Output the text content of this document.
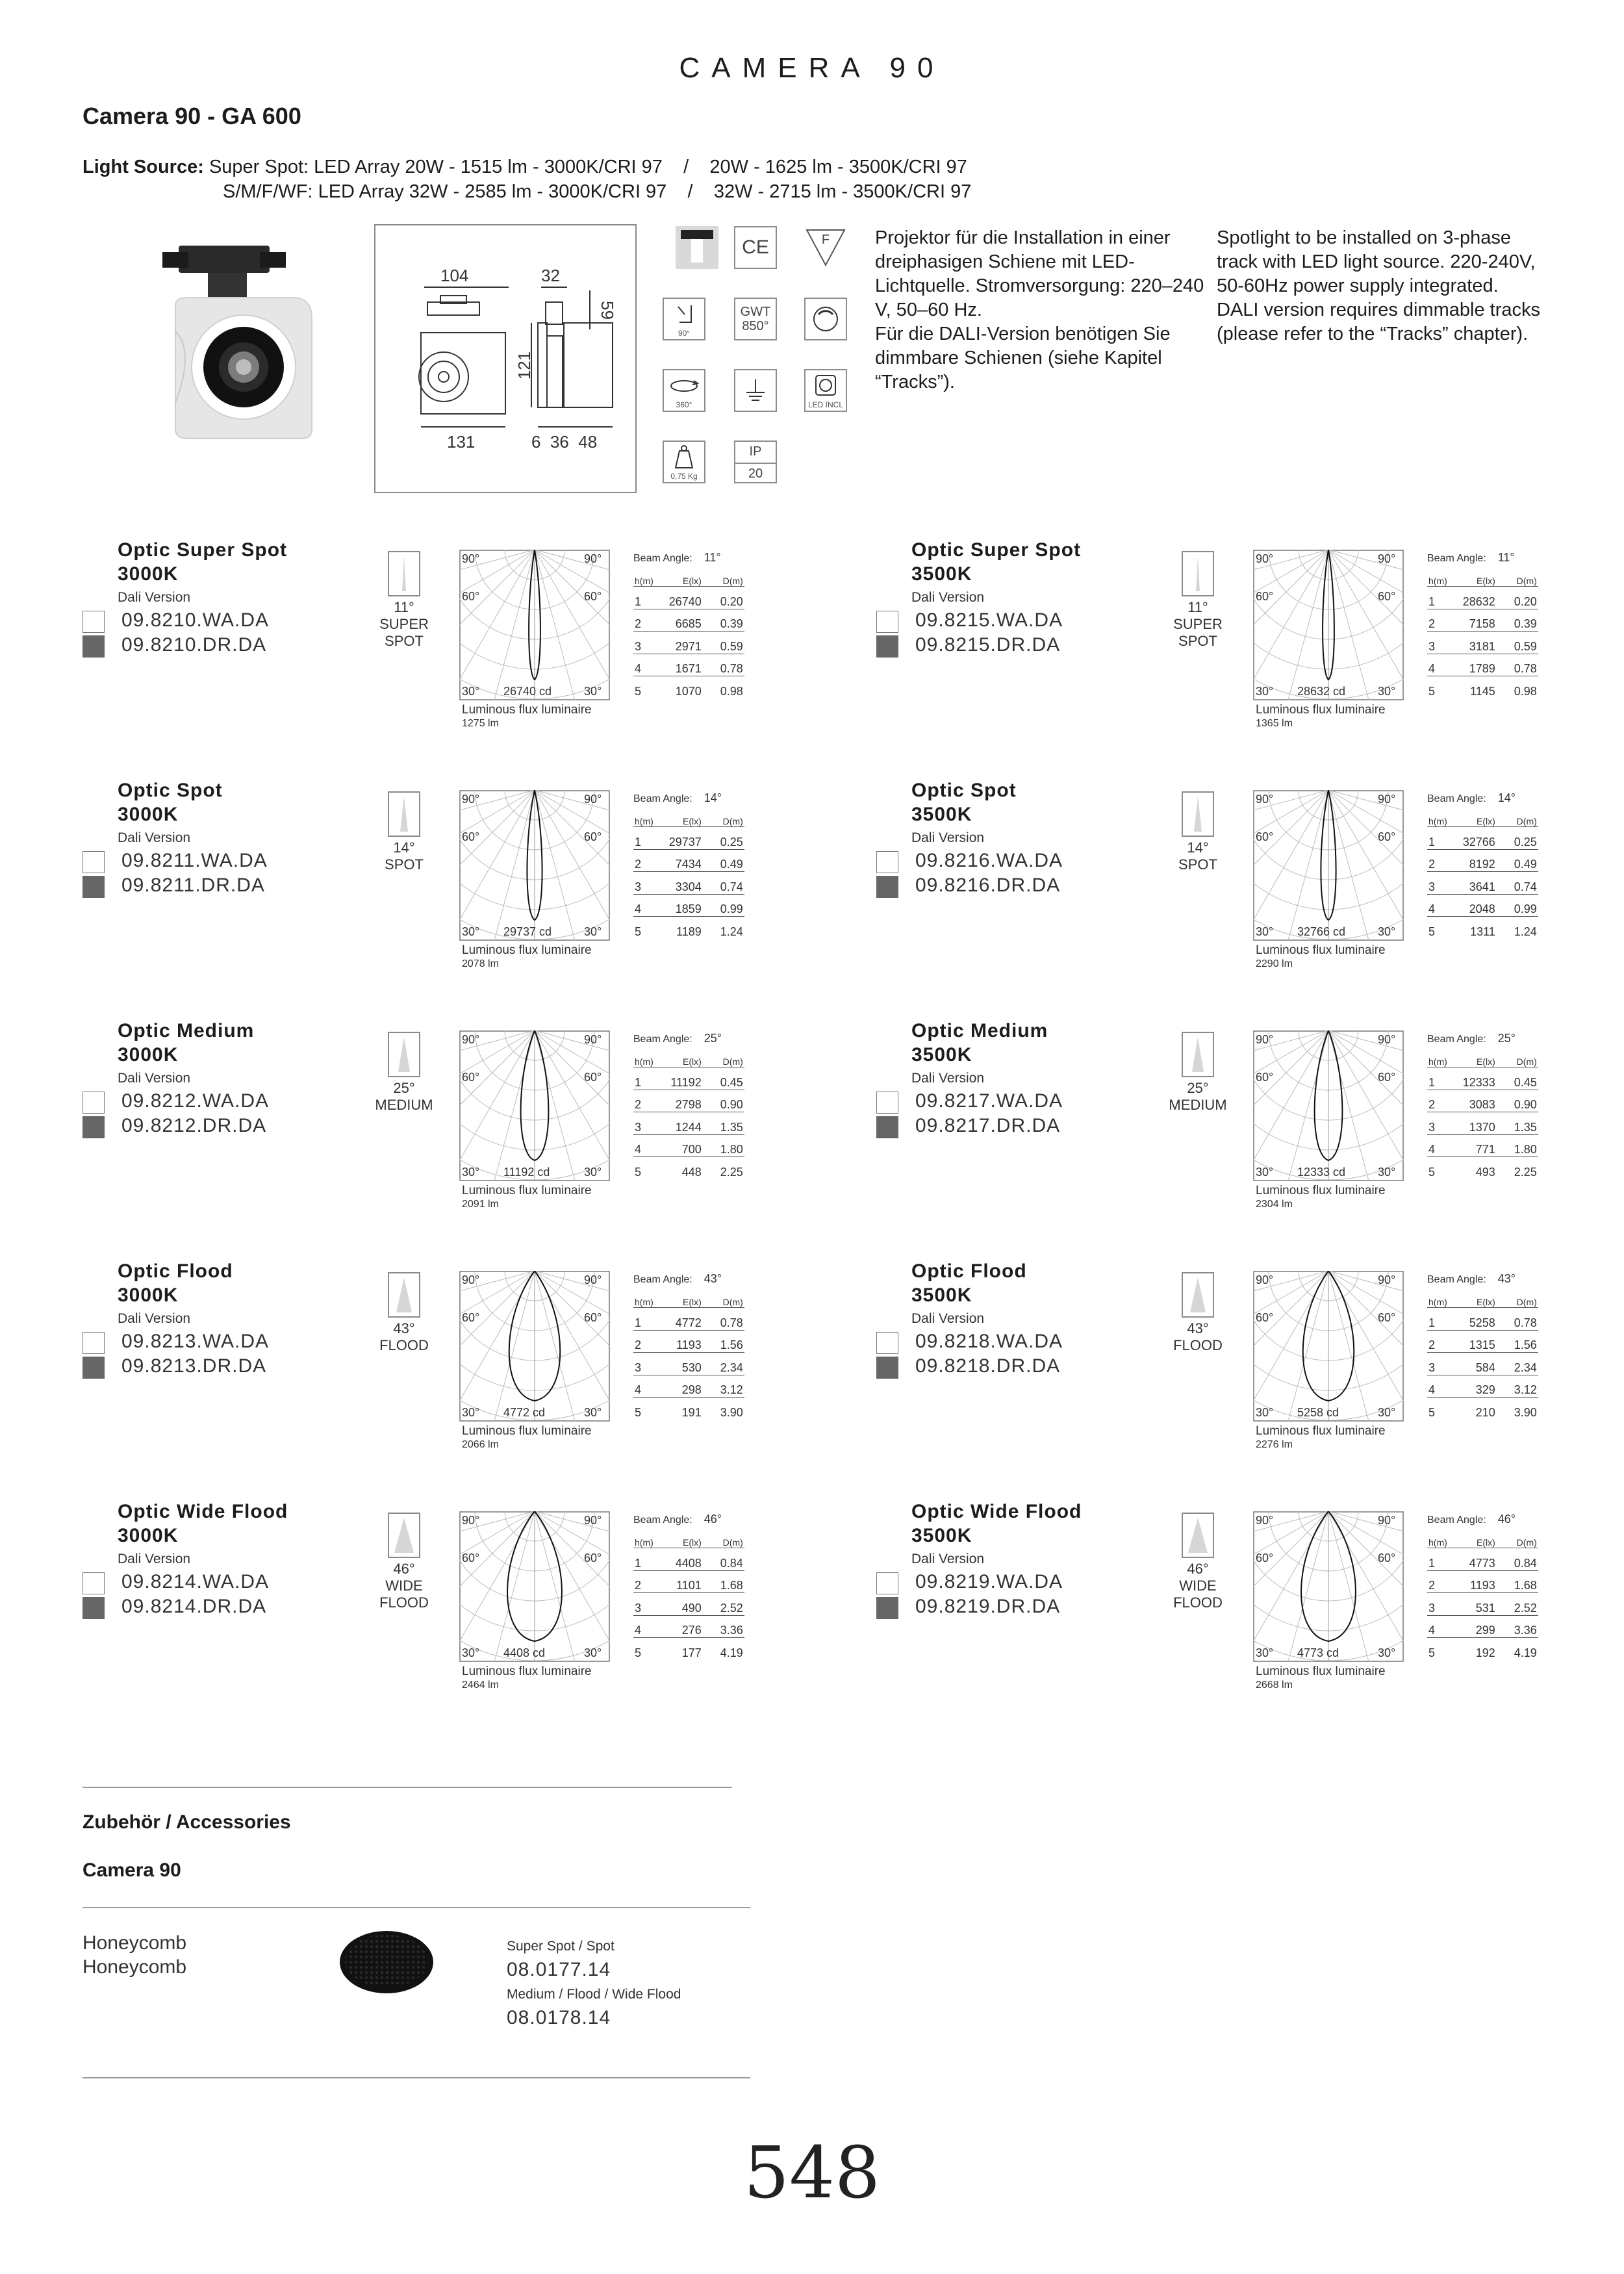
CAMERA 90
Camera 90 - GA 600
Light Source: Super Spot: LED Array 20W - 1515 lm - 3000K/CRI 97    /    20W - 1625 lm - 3500K/CRI 97
S/M/F/WF: LED Array 32W - 2585 lm - 3000K/CRI 97    /    32W - 2715 lm - 3500K/CRI 97
104	32
59
121
131	6  36  48
CE	F
90°
GWT
850°
360°	LED INCL
0,75 Kg
IP
20
Projektor für die Installation in einer dreiphasigen Schiene mit LED-Lichtquelle. Stromversorgung: 220–240 V, 50–60 Hz.
Für die DALI-Version benötigen Sie dimmbare Schienen (siehe Kapitel “Tracks”).
Spotlight to be installed on 3-phase track with LED light source. 220-240V, 50-60Hz power supply integrated.
DALI version requires dimmable tracks (please refer to the “Tracks” chapter).
Optic Super Spot
3000K
Dali Version
09.8210.WA.DA
09.8210.DR.DA
11°
SUPER
SPOT
90°	90°
60°	60°
30°	30°
26740 cd
Luminous flux luminaire
1275 lm
Beam Angle: 11°
h(m)	E(lx)	D(m)
1	26740	0.20
2	6685	0.39
3	2971	0.59
4	1671	0.78
5	1070	0.98
Optic Super Spot
3500K
Dali Version
09.8215.WA.DA
09.8215.DR.DA
11°
SUPER
SPOT
90°	90°
60°	60°
30°	30°
28632 cd
Luminous flux luminaire
1365 lm
Beam Angle: 11°
h(m)	E(lx)	D(m)
1	28632	0.20
2	7158	0.39
3	3181	0.59
4	1789	0.78
5	1145	0.98
Optic Spot
3000K
Dali Version
09.8211.WA.DA
09.8211.DR.DA
14°
SPOT
90°	90°
60°	60°
30°	30°
29737 cd
Luminous flux luminaire
2078 lm
Beam Angle: 14°
h(m)	E(lx)	D(m)
1	29737	0.25
2	7434	0.49
3	3304	0.74
4	1859	0.99
5	1189	1.24
Optic Spot
3500K
Dali Version
09.8216.WA.DA
09.8216.DR.DA
14°
SPOT
90°	90°
60°	60°
30°	30°
32766 cd
Luminous flux luminaire
2290 lm
Beam Angle: 14°
h(m)	E(lx)	D(m)
1	32766	0.25
2	8192	0.49
3	3641	0.74
4	2048	0.99
5	1311	1.24
Optic Medium
3000K
Dali Version
09.8212.WA.DA
09.8212.DR.DA
25°
MEDIUM
90°	90°
60°	60°
30°	30°
11192 cd
Luminous flux luminaire
2091 lm
Beam Angle: 25°
h(m)	E(lx)	D(m)
1	11192	0.45
2	2798	0.90
3	1244	1.35
4	700	1.80
5	448	2.25
Optic Medium
3500K
Dali Version
09.8217.WA.DA
09.8217.DR.DA
25°
MEDIUM
90°	90°
60°	60°
30°	30°
12333 cd
Luminous flux luminaire
2304 lm
Beam Angle: 25°
h(m)	E(lx)	D(m)
1	12333	0.45
2	3083	0.90
3	1370	1.35
4	771	1.80
5	493	2.25
Optic Flood
3000K
Dali Version
09.8213.WA.DA
09.8213.DR.DA
43°
FLOOD
90°	90°
60°	60°
30°	30°
4772 cd
Luminous flux luminaire
2066 lm
Beam Angle: 43°
h(m)	E(lx)	D(m)
1	4772	0.78
2	1193	1.56
3	530	2.34
4	298	3.12
5	191	3.90
Optic Flood
3500K
Dali Version
09.8218.WA.DA
09.8218.DR.DA
43°
FLOOD
90°	90°
60°	60°
30°	30°
5258 cd
Luminous flux luminaire
2276 lm
Beam Angle: 43°
h(m)	E(lx)	D(m)
1	5258	0.78
2	1315	1.56
3	584	2.34
4	329	3.12
5	210	3.90
Optic Wide Flood
3000K
Dali Version
09.8214.WA.DA
09.8214.DR.DA
46°
WIDE
FLOOD
90°	90°
60°	60°
30°	30°
4408 cd
Luminous flux luminaire
2464 lm
Beam Angle: 46°
h(m)	E(lx)	D(m)
1	4408	0.84
2	1101	1.68
3	490	2.52
4	276	3.36
5	177	4.19
Optic Wide Flood
3500K
Dali Version
09.8219.WA.DA
09.8219.DR.DA
46°
WIDE
FLOOD
90°	90°
60°	60°
30°	30°
4773 cd
Luminous flux luminaire
2668 lm
Beam Angle: 46°
h(m)	E(lx)	D(m)
1	4773	0.84
2	1193	1.68
3	531	2.52
4	299	3.36
5	192	4.19
Zubehör / Accessories
Camera 90
Honeycomb
Honeycomb
Super Spot / Spot
08.0177.14
Medium / Flood / Wide Flood
08.0178.14
548
